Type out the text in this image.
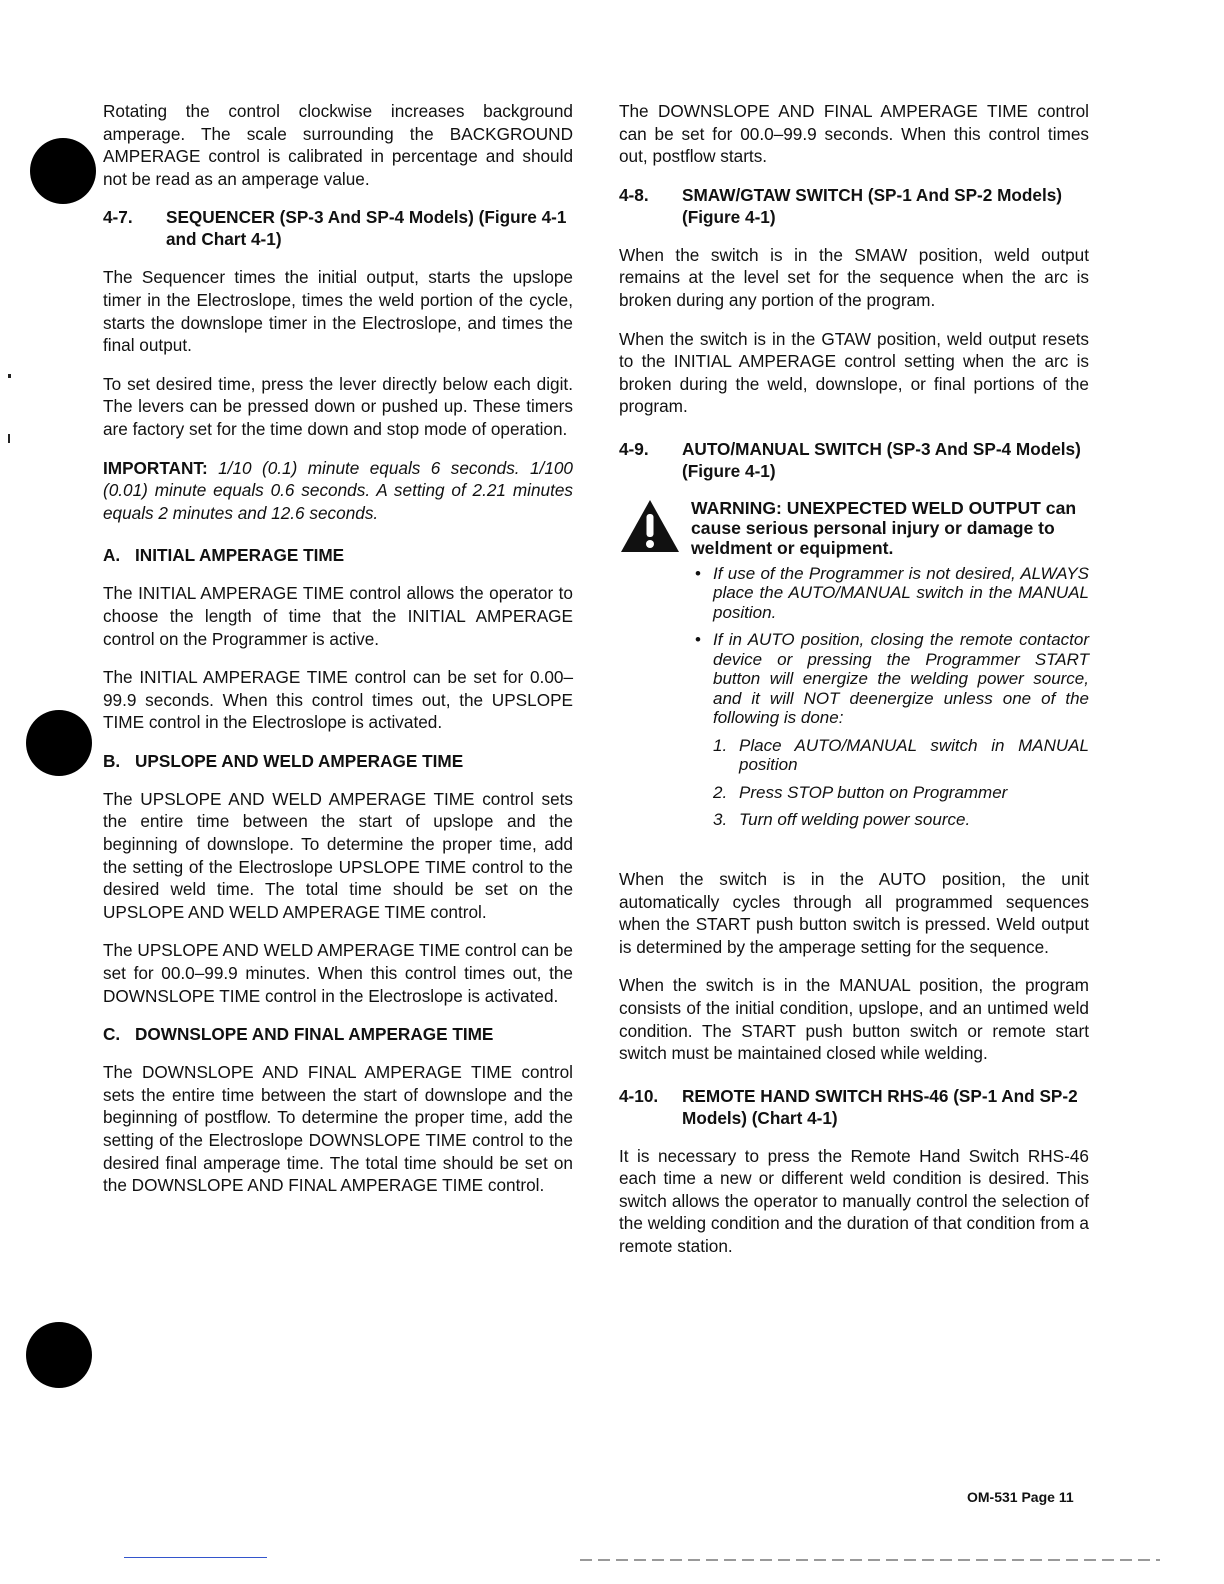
Rotating the control clockwise increases background amperage. The scale surrounding the BACKGROUND AMPERAGE control is calibrated in percentage and should not be read as an amperage value.

4-7.	SEQUENCER (SP-3 And SP-4 Models) (Figure 4-1 and Chart 4-1)

The Sequencer times the initial output, starts the upslope timer in the Electroslope, times the weld portion of the cycle, starts the downslope timer in the Electroslope, and times the final output.

To set desired time, press the lever directly below each digit. The levers can be pressed down or pushed up. These timers are factory set for the time down and stop mode of operation.

IMPORTANT: 1/10 (0.1) minute equals 6 seconds. 1/100 (0.01) minute equals 0.6 seconds. A setting of 2.21 minutes equals 2 minutes and 12.6 seconds.

A. INITIAL AMPERAGE TIME

The INITIAL AMPERAGE TIME control allows the operator to choose the length of time that the INITIAL AMPERAGE control on the Programmer is active.

The INITIAL AMPERAGE TIME control can be set for 0.00–99.9 seconds. When this control times out, the UPSLOPE TIME control in the Electroslope is activated.

B. UPSLOPE AND WELD AMPERAGE TIME

The UPSLOPE AND WELD AMPERAGE TIME control sets the entire time between the start of upslope and the beginning of downslope. To determine the proper time, add the setting of the Electroslope UPSLOPE TIME control to the desired weld time. The total time should be set on the UPSLOPE AND WELD AMPERAGE TIME control.

The UPSLOPE AND WELD AMPERAGE TIME control can be set for 00.0–99.9 minutes. When this control times out, the DOWNSLOPE TIME control in the Electroslope is activated.

C. DOWNSLOPE AND FINAL AMPERAGE TIME

The DOWNSLOPE AND FINAL AMPERAGE TIME control sets the entire time between the start of downslope and the beginning of postflow. To determine the proper time, add the setting of the Electroslope DOWNSLOPE TIME control to the desired final amperage time. The total time should be set on the DOWNSLOPE AND FINAL AMPERAGE TIME control.

The DOWNSLOPE AND FINAL AMPERAGE TIME control can be set for 00.0–99.9 seconds. When this control times out, postflow starts.

4-8.	SMAW/GTAW SWITCH (SP-1 And SP-2 Models) (Figure 4-1)

When the switch is in the SMAW position, weld output remains at the level set for the sequence when the arc is broken during any portion of the program.

When the switch is in the GTAW position, weld output resets to the INITIAL AMPERAGE control setting when the arc is broken during the weld, downslope, or final portions of the program.

4-9.	AUTO/MANUAL SWITCH (SP-3 And SP-4 Models) (Figure 4-1)
WARNING: UNEXPECTED WELD OUTPUT can cause serious personal injury or damage to weldment or equipment.
• If use of the Programmer is not desired, ALWAYS place the AUTO/MANUAL switch in the MANUAL position.
• If in AUTO position, closing the remote contactor device or pressing the Programmer START button will energize the welding power source, and it will NOT deenergize unless one of the following is done:
1. Place AUTO/MANUAL switch in MANUAL position
2. Press STOP button on Programmer
3. Turn off welding power source.

When the switch is in the AUTO position, the unit automatically cycles through all programmed sequences when the START push button switch is pressed. Weld output is determined by the amperage setting for the sequence.

When the switch is in the MANUAL position, the program consists of the initial condition, upslope, and an untimed weld condition. The START push button switch or remote start switch must be maintained closed while welding.

4-10.	REMOTE HAND SWITCH RHS-46 (SP-1 And SP-2 Models) (Chart 4-1)

It is necessary to press the Remote Hand Switch RHS-46 each time a new or different weld condition is desired. This switch allows the operator to manually control the selection of the welding condition and the duration of that condition from a remote station.

OM-531 Page 11
